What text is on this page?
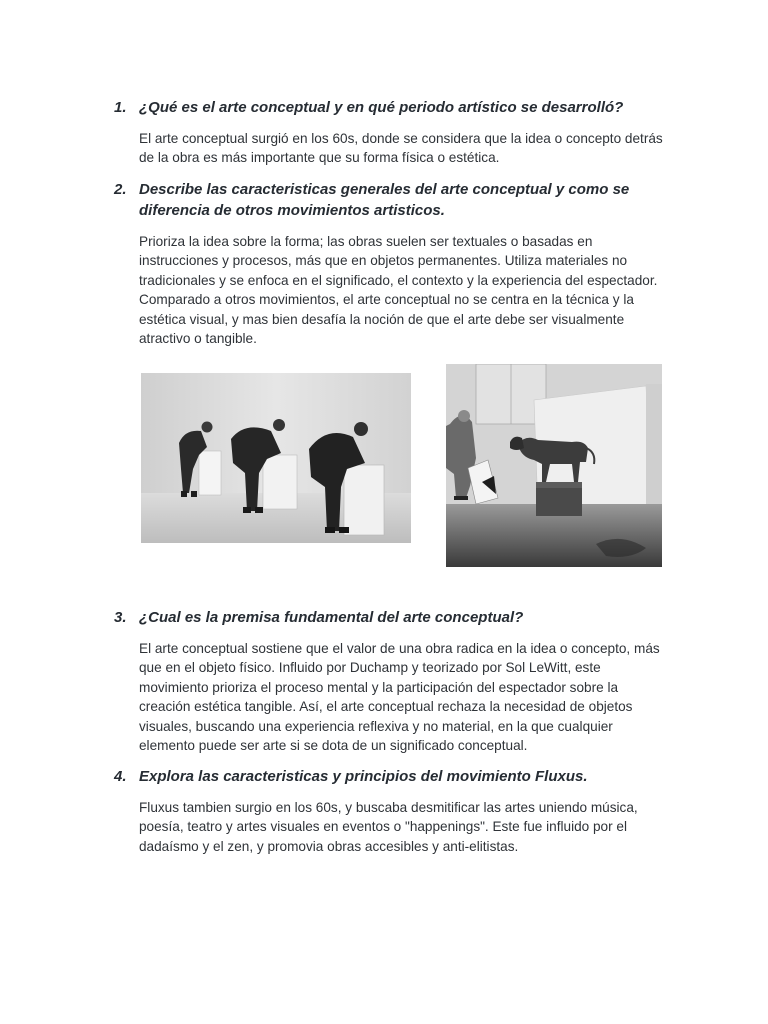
1. ¿Qué es el arte conceptual y en qué periodo artístico se desarrolló?
El arte conceptual surgió en los 60s, donde se considera que la idea o concepto detrás de la obra es más importante que su forma física o estética.
2. Describe las caracteristicas generales del arte conceptual y como se diferencia de otros movimientos artisticos.
Prioriza la idea sobre la forma; las obras suelen ser textuales o basadas en instrucciones y procesos, más que en objetos permanentes. Utiliza materiales no tradicionales y se enfoca en el significado, el contexto y la experiencia del espectador. Comparado a otros movimientos, el arte conceptual no se centra en la técnica y la estética visual, y mas bien desafía la noción de que el arte debe ser visualmente atractivo o tangible.
3. ¿Cual es la premisa fundamental del arte conceptual?
El arte conceptual sostiene que el valor de una obra radica en la idea o concepto, más que en el objeto físico. Influido por Duchamp y teorizado por Sol LeWitt, este movimiento prioriza el proceso mental y la participación del espectador sobre la creación estética tangible. Así, el arte conceptual rechaza la necesidad de objetos visuales, buscando una experiencia reflexiva y no material, en la que cualquier elemento puede ser arte si se dota de un significado conceptual.
4. Explora las caracteristicas y principios del movimiento Fluxus.
Fluxus tambien surgio en los 60s, y buscaba desmitificar las artes uniendo música, poesía, teatro y artes visuales en eventos o "happenings". Este fue influido por el dadaísmo y el zen, y promovia obras accesibles y anti-elitistas.
